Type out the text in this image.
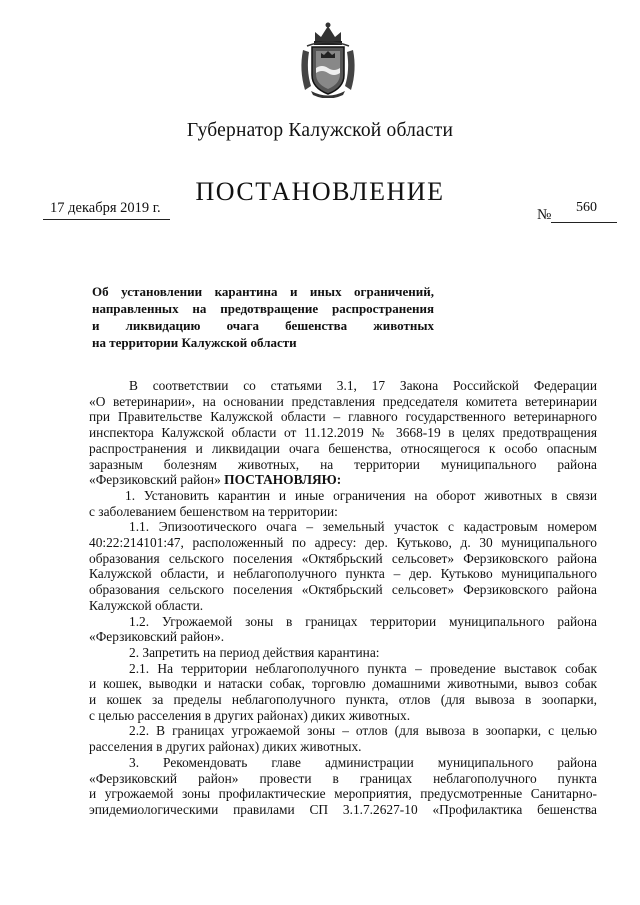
Губернатор Калужской области
ПОСТАНОВЛЕНИЕ
17 декабря 2019 г.	№ 560
Об установлении карантина и иных ограничений,
направленных на предотвращение распространения
и ликвидацию очага бешенства животных
на территории Калужской области
В соответствии со статьями 3.1, 17 Закона Российской Федерации
«О ветеринарии», на основании представления председателя комитета ветеринарии
при Правительстве Калужской области – главного государственного ветеринарного
инспектора Калужской области от 11.12.2019 № 3668-19 в целях предотвращения
распространения и ликвидации очага бешенства, относящегося к особо опасным
заразным болезням животных, на территории муниципального района
«Ферзиковский район» ПОСТАНОВЛЯЮ:
1. Установить карантин и иные ограничения на оборот животных в связи
с заболеванием бешенством на территории:
1.1. Эпизоотического очага – земельный участок с кадастровым номером
40:22:214101:47, расположенный по адресу: дер. Кутьково, д. 30 муниципального
образования сельского поселения «Октябрьский сельсовет» Ферзиковского района
Калужской области, и неблагополучного пункта – дер. Кутьково муниципального
образования сельского поселения «Октябрьский сельсовет» Ферзиковского района
Калужской области.
1.2. Угрожаемой зоны в границах территории муниципального района
«Ферзиковский район».
2. Запретить на период действия карантина:
2.1. На территории неблагополучного пункта – проведение выставок собак
и кошек, выводки и натаски собак, торговлю домашними животными, вывоз собак
и кошек за пределы неблагополучного пункта, отлов (для вывоза в зоопарки,
с целью расселения в других районах) диких животных.
2.2. В границах угрожаемой зоны – отлов (для вывоза в зоопарки, с целью
расселения в других районах) диких животных.
3. Рекомендовать главе администрации муниципального района
«Ферзиковский район» провести в границах неблагополучного пункта
и угрожаемой зоны профилактические мероприятия, предусмотренные Санитарно-
эпидемиологическими правилами СП 3.1.7.2627-10 «Профилактика бешенства
